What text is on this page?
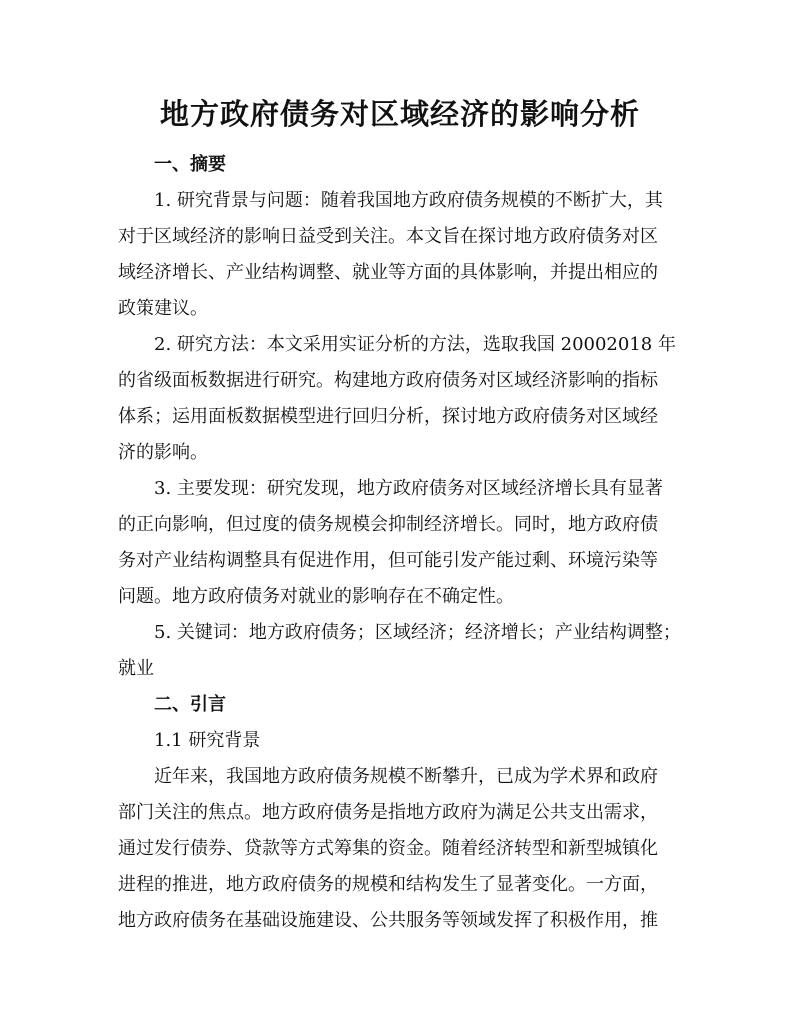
地方政府债务对区域经济的影响分析
一、摘要
1. 研究背景与问题：随着我国地方政府债务规模的不断扩大，其
对于区域经济的影响日益受到关注。本文旨在探讨地方政府债务对区
域经济增长、产业结构调整、就业等方面的具体影响，并提出相应的
政策建议。
2. 研究方法：本文采用实证分析的方法，选取我国 20002018 年
的省级面板数据进行研究。构建地方政府债务对区域经济影响的指标
体系；运用面板数据模型进行回归分析，探讨地方政府债务对区域经
济的影响。
3. 主要发现：研究发现，地方政府债务对区域经济增长具有显著
的正向影响，但过度的债务规模会抑制经济增长。同时，地方政府债
务对产业结构调整具有促进作用，但可能引发产能过剩、环境污染等
问题。地方政府债务对就业的影响存在不确定性。
5. 关键词：地方政府债务；区域经济；经济增长；产业结构调整；
就业
二、引言
1.1 研究背景
近年来，我国地方政府债务规模不断攀升，已成为学术界和政府
部门关注的焦点。地方政府债务是指地方政府为满足公共支出需求，
通过发行债券、贷款等方式筹集的资金。随着经济转型和新型城镇化
进程的推进，地方政府债务的规模和结构发生了显著变化。一方面，
地方政府债务在基础设施建设、公共服务等领域发挥了积极作用，推
